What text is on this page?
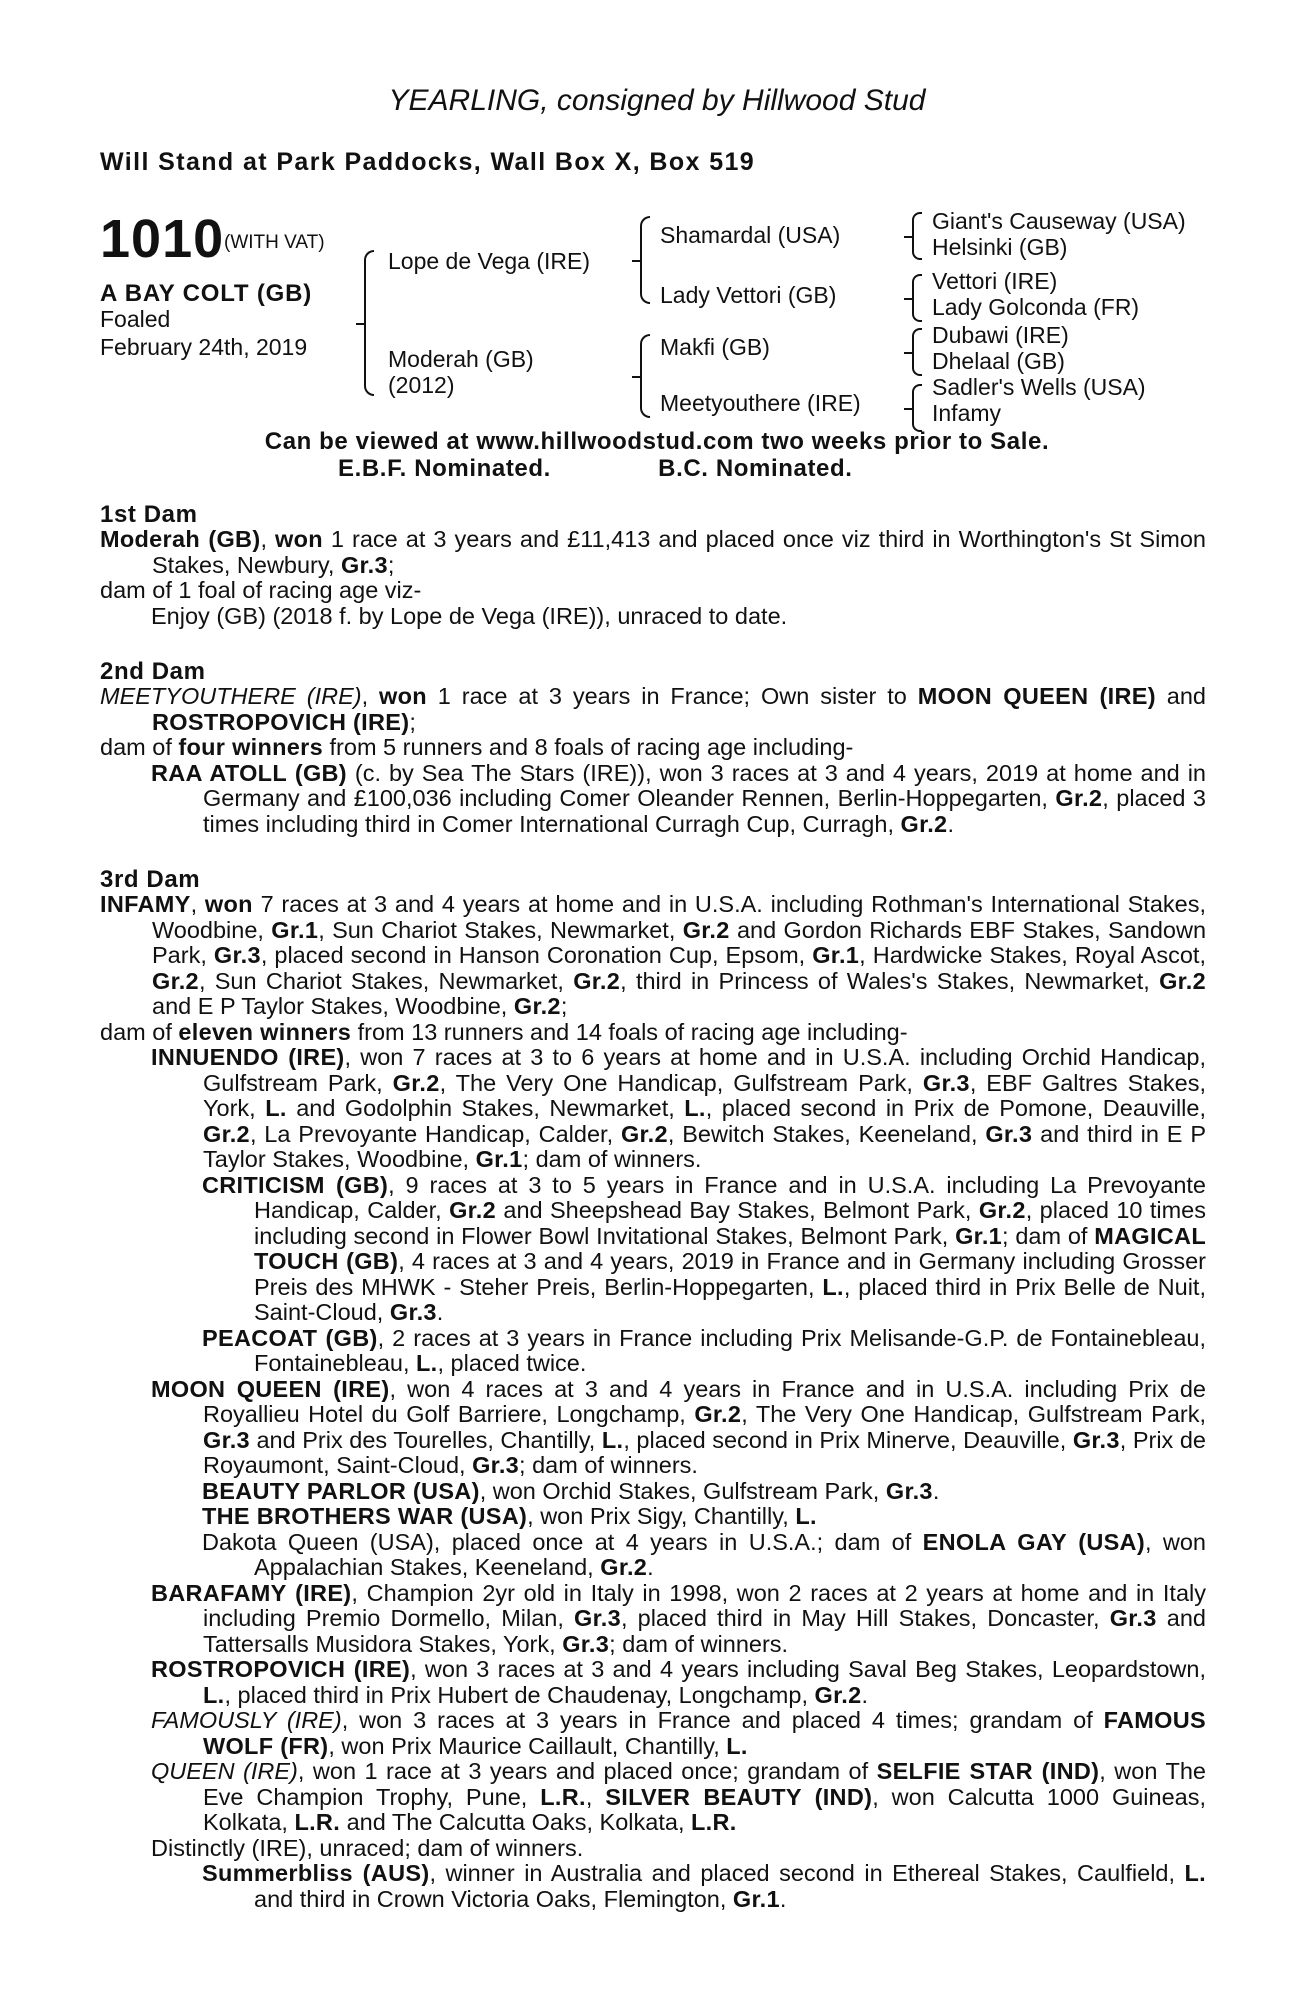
YEARLING, consigned by Hillwood Stud
Will Stand at Park Paddocks, Wall Box X, Box 519
1010 (WITH VAT)
A BAY COLT (GB)
Foaled
February 24th, 2019
Lope de Vega (IRE)
Moderah (GB)
(2012)
Shamardal (USA)
Lady Vettori (GB)
Makfi (GB)
Meetyouthere (IRE)
Giant's Causeway (USA)
Helsinki (GB)
Vettori (IRE)
Lady Golconda (FR)
Dubawi (IRE)
Dhelaal (GB)
Sadler's Wells (USA)
Infamy
Can be viewed at www.hillwoodstud.com two weeks prior to Sale.
E.B.F. Nominated.	B.C. Nominated.
1st Dam
Moderah (GB), won 1 race at 3 years and £11,413 and placed once viz third in Worthington's St Simon Stakes, Newbury, Gr.3;
dam of 1 foal of racing age viz-
Enjoy (GB) (2018 f. by Lope de Vega (IRE)), unraced to date.
2nd Dam
MEETYOUTHERE (IRE), won 1 race at 3 years in France; Own sister to MOON QUEEN (IRE) and ROSTROPOVICH (IRE);
dam of four winners from 5 runners and 8 foals of racing age including-
RAA ATOLL (GB) (c. by Sea The Stars (IRE)), won 3 races at 3 and 4 years, 2019 at home and in Germany and £100,036 including Comer Oleander Rennen, Berlin-Hoppegarten, Gr.2, placed 3 times including third in Comer International Curragh Cup, Curragh, Gr.2.
3rd Dam
INFAMY, won 7 races at 3 and 4 years at home and in U.S.A. including Rothman's International Stakes, Woodbine, Gr.1, Sun Chariot Stakes, Newmarket, Gr.2 and Gordon Richards EBF Stakes, Sandown Park, Gr.3, placed second in Hanson Coronation Cup, Epsom, Gr.1, Hardwicke Stakes, Royal Ascot, Gr.2, Sun Chariot Stakes, Newmarket, Gr.2, third in Princess of Wales's Stakes, Newmarket, Gr.2 and E P Taylor Stakes, Woodbine, Gr.2;
dam of eleven winners from 13 runners and 14 foals of racing age including-
INNUENDO (IRE), won 7 races at 3 to 6 years at home and in U.S.A. including Orchid Handicap, Gulfstream Park, Gr.2, The Very One Handicap, Gulfstream Park, Gr.3, EBF Galtres Stakes, York, L. and Godolphin Stakes, Newmarket, L., placed second in Prix de Pomone, Deauville, Gr.2, La Prevoyante Handicap, Calder, Gr.2, Bewitch Stakes, Keeneland, Gr.3 and third in E P Taylor Stakes, Woodbine, Gr.1; dam of winners.
CRITICISM (GB), 9 races at 3 to 5 years in France and in U.S.A. including La Prevoyante Handicap, Calder, Gr.2 and Sheepshead Bay Stakes, Belmont Park, Gr.2, placed 10 times including second in Flower Bowl Invitational Stakes, Belmont Park, Gr.1; dam of MAGICAL TOUCH (GB), 4 races at 3 and 4 years, 2019 in France and in Germany including Grosser Preis des MHWK - Steher Preis, Berlin-Hoppegarten, L., placed third in Prix Belle de Nuit, Saint-Cloud, Gr.3.
PEACOAT (GB), 2 races at 3 years in France including Prix Melisande-G.P. de Fontainebleau, Fontainebleau, L., placed twice.
MOON QUEEN (IRE), won 4 races at 3 and 4 years in France and in U.S.A. including Prix de Royallieu Hotel du Golf Barriere, Longchamp, Gr.2, The Very One Handicap, Gulfstream Park, Gr.3 and Prix des Tourelles, Chantilly, L., placed second in Prix Minerve, Deauville, Gr.3, Prix de Royaumont, Saint-Cloud, Gr.3; dam of winners.
BEAUTY PARLOR (USA), won Orchid Stakes, Gulfstream Park, Gr.3.
THE BROTHERS WAR (USA), won Prix Sigy, Chantilly, L.
Dakota Queen (USA), placed once at 4 years in U.S.A.; dam of ENOLA GAY (USA), won Appalachian Stakes, Keeneland, Gr.2.
BARAFAMY (IRE), Champion 2yr old in Italy in 1998, won 2 races at 2 years at home and in Italy including Premio Dormello, Milan, Gr.3, placed third in May Hill Stakes, Doncaster, Gr.3 and Tattersalls Musidora Stakes, York, Gr.3; dam of winners.
ROSTROPOVICH (IRE), won 3 races at 3 and 4 years including Saval Beg Stakes, Leopardstown, L., placed third in Prix Hubert de Chaudenay, Longchamp, Gr.2.
FAMOUSLY (IRE), won 3 races at 3 years in France and placed 4 times; grandam of FAMOUS WOLF (FR), won Prix Maurice Caillault, Chantilly, L.
QUEEN (IRE), won 1 race at 3 years and placed once; grandam of SELFIE STAR (IND), won The Eve Champion Trophy, Pune, L.R., SILVER BEAUTY (IND), won Calcutta 1000 Guineas, Kolkata, L.R. and The Calcutta Oaks, Kolkata, L.R.
Distinctly (IRE), unraced; dam of winners.
Summerbliss (AUS), winner in Australia and placed second in Ethereal Stakes, Caulfield, L. and third in Crown Victoria Oaks, Flemington, Gr.1.
